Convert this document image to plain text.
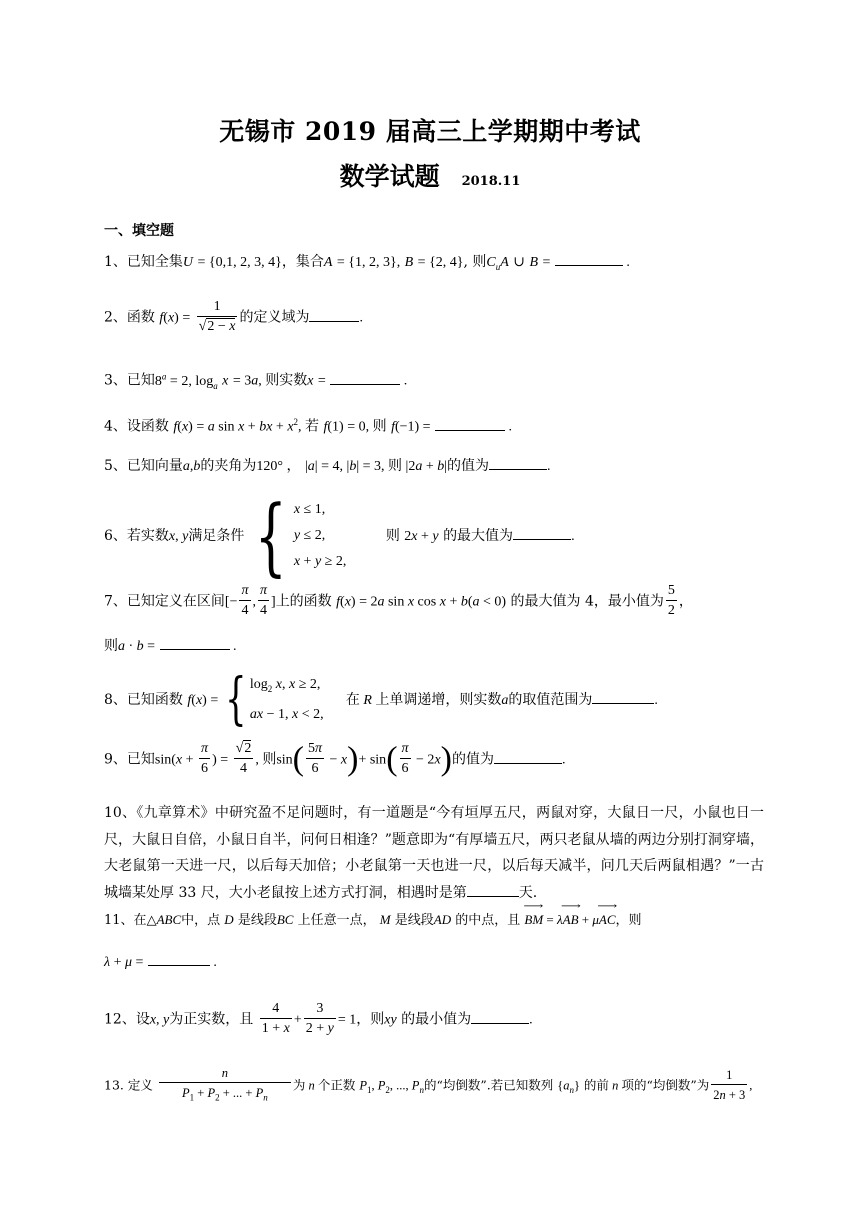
无锡市 2019 届高三上学期期中考试
数学试题 2018.11
一、填空题
1、已知全集U = {0,1, 2, 3, 4}，集合A = {1, 2, 3}, B = {2, 4}, 则$C_uA$ ∪ B =	.
2、函数 $f(x) = \frac{1}{√2 - x}$ 的定义域为	.
3、已知$8^a = 2$, $\log_a x = 3a$, 则实数x =	.
4、设函数 f(x) = a sin x + bx + $x^2$, 若 f(1) = 0, 则 f(−1) =	.
5、已知向量a,b的夹角为120° ， |a| = 4, |b| = 3, 则 |2a + b|的值为	.
6、若实数x, y满足条件 { x ≤ 1,
y ≤ 2,
x + y ≥ 2,则 2x + y 的最大值为	.
7、已知定义在区间[− $\frac{\pi}{4}$ , $\frac{\pi}{4}$ ]上的函数 f(x) = 2a sin x cos x + b(a < 0) 的最大值为 4，最小值为 $\frac{5}{2}$ ，
则a · b =	.
8、已知函数 f(x) = { $\log_2 x$, x ≥ 2,
ax − 1, x < 2,在 R 上单调递增，则实数a的取值范围为	.
9、已知$\sin(x + \frac{\pi}{6}$ ) = $\frac{√2}{4}$ , 则$\sin( \frac{5\pi}{6} - x)+ \sin( \frac{\pi}{6} - 2x)$的值为	.
10、《九章算术》中研究盈不足问题时，有一道题是“今有垣厚五尺，两鼠对穿，大鼠日一尺，小鼠也日一尺，大鼠日自倍，小鼠日自半，问何日相逢？”题意即为“有厚墙五尺，两只老鼠从墙的两边分别打洞穿墙，大老鼠第一天进一尺，以后每天加倍；小老鼠第一天也进一尺，以后每天减半，问几天后两鼠相遇？”一古城墙某处厚 33 尺，大小老鼠按上述方式打洞，相遇时是第	天.
11、在△ABC中，点 D 是线段BC 上任意一点， M 是线段AD 的中点，且 ⟶ BM = λ⟶ AB + μ⟶ AC，则
λ + μ =	.
12、设x, y为正实数，且 $\frac{4}{1 + x} + \frac{3}{2 + y} = 1$，则xy 的最小值为	.
13. 定义 $\frac{n}{P_1 + P_2 + ... + P_n}$ 为 n 个正数 $P_1$, $P_2$, ..., $P_n$的“均倒数”.若已知数列 $\{a_n\}$ 的前 n 项的“均倒数”为 $\frac{1}{2n + 3}$ ,
